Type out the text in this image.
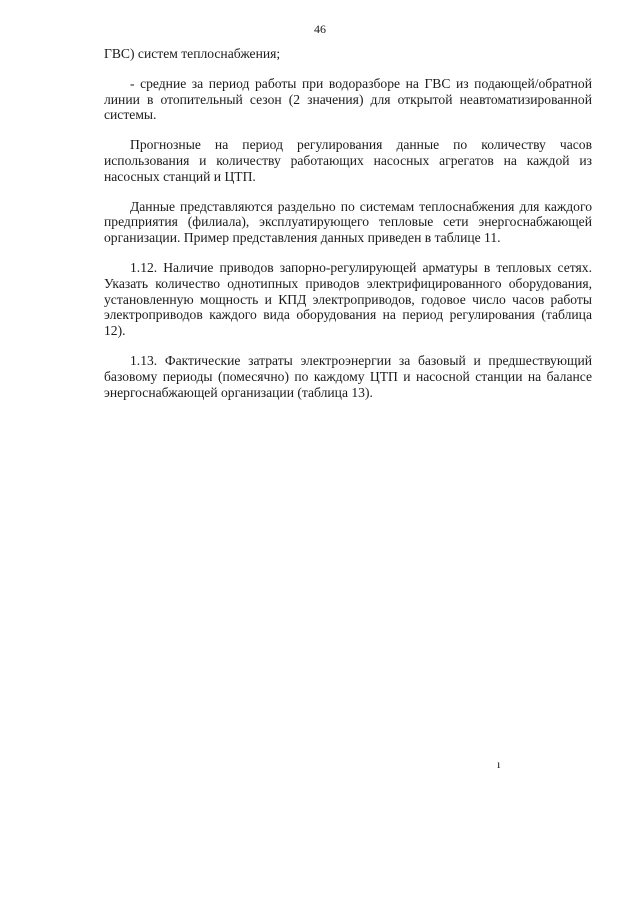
46

ГВС) систем теплоснабжения;

- средние за период работы при водоразборе на ГВС из подающей/обратной линии в отопительный сезон (2 значения) для открытой неавтоматизированной системы.

Прогнозные на период регулирования данные по количеству часов использования и количеству работающих насосных агрегатов на каждой из насосных станций и ЦТП.

Данные представляются раздельно по системам теплоснабжения для каждого предприятия (филиала), эксплуатирующего тепловые сети энергоснабжающей организации. Пример представления данных приведен в таблице 11.

1.12. Наличие приводов запорно-регулирующей арматуры в тепловых сетях. Указать количество однотипных приводов электрифицированного оборудования, установленную мощность и КПД электроприводов, годовое число часов работы электроприводов каждого вида оборудования на период регулирования (таблица 12).

1.13. Фактические затраты электроэнергии за базовый и предшествующий базовому периоды (помесячно) по каждому ЦТП и насосной станции на балансе энергоснабжающей организации (таблица 13).

ı
